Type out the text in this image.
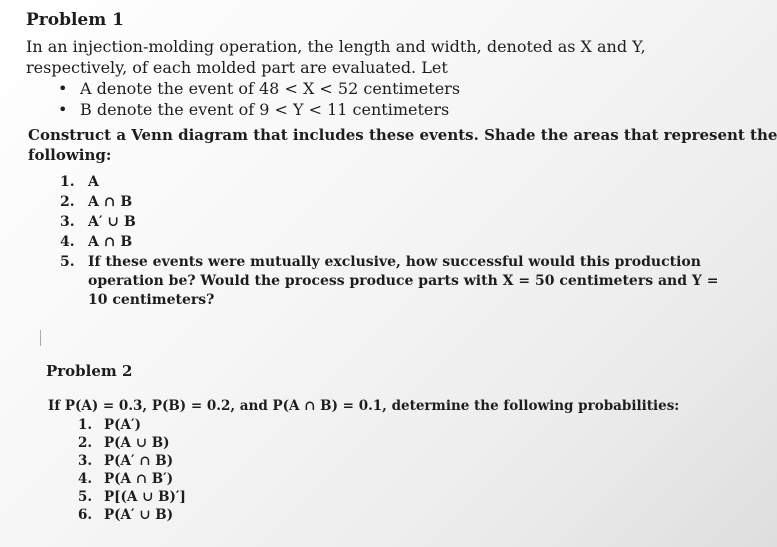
Problem 1
In an injection-molding operation, the length and width, denoted as X and Y,
respectively, of each molded part are evaluated. Let
• A denote the event of 48 < X < 52 centimeters
• B denote the event of 9 < Y < 11 centimeters
Construct a Venn diagram that includes these events. Shade the areas that represent the
following:
1. A
2. A ∩ B
3. A′ ∪ B
4. A ∩ B
5. If these events were mutually exclusive, how successful would this production
operation be? Would the process produce parts with X = 50 centimeters and Y =
10 centimeters?
Problem 2
If P(A) = 0.3, P(B) = 0.2, and P(A ∩ B) = 0.1, determine the following probabilities:
1. P(A′)
2. P(A ∪ B)
3. P(A′ ∩ B)
4. P(A ∩ B′)
5. P[(A ∪ B)′]
6. P(A′ ∪ B)
